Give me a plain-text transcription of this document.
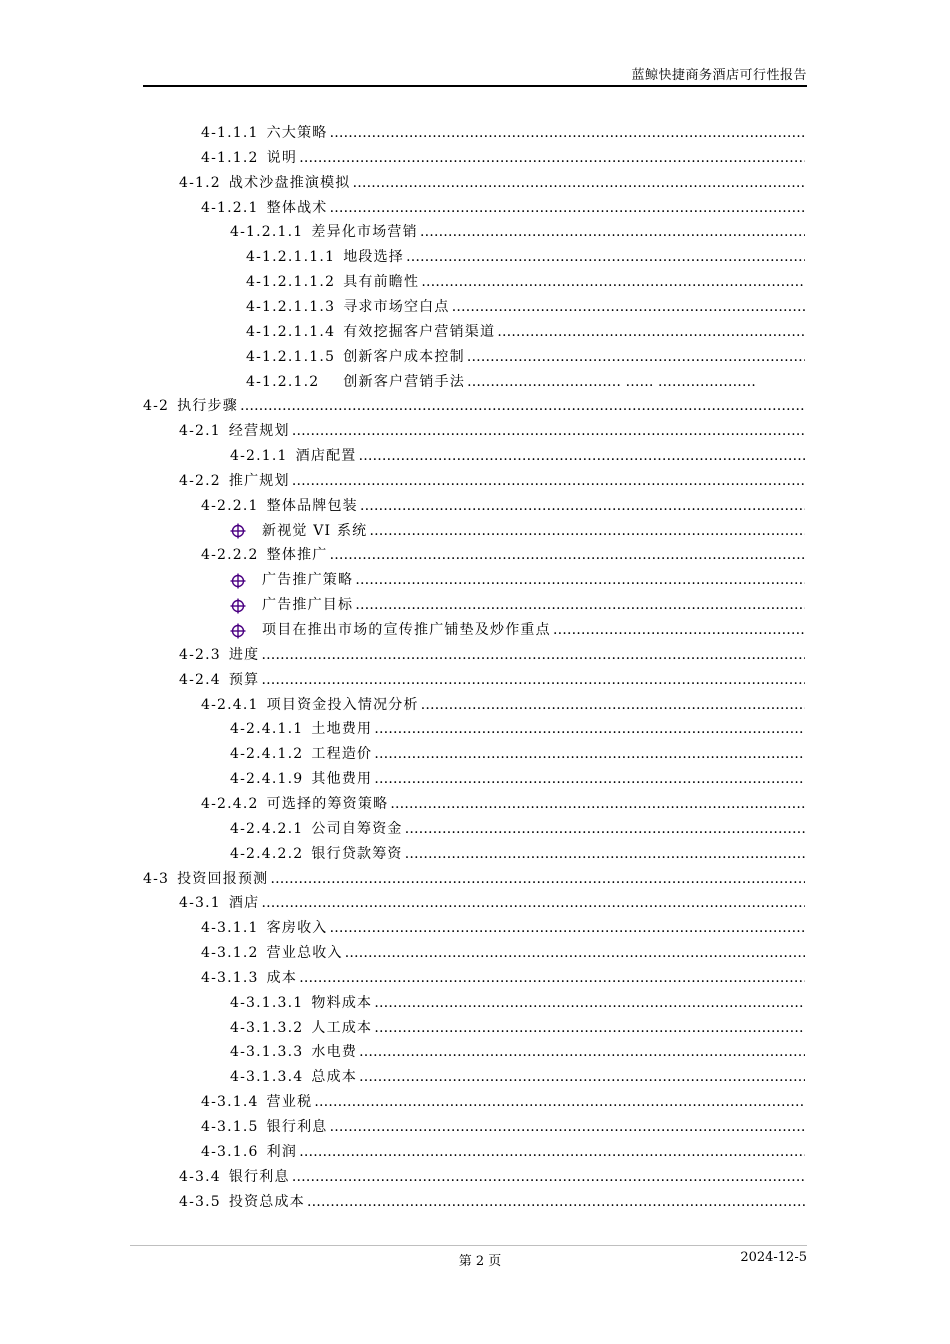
蓝鲸快捷商务酒店可行性报告
4-1.1.1 六大策略
……………………………………………………………………………………………………………………………………………………………………
4-1.1.2 说明
……………………………………………………………………………………………………………………………………………………………………
4-1.2 战术沙盘推演模拟
……………………………………………………………………………………………………………………………………………………………………
4-1.2.1 整体战术
……………………………………………………………………………………………………………………………………………………………………
4-1.2.1.1 差异化市场营销
……………………………………………………………………………………………………………………………………………………………………
4-1.2.1.1.1 地段选择
……………………………………………………………………………………………………………………………………………………………………
4-1.2.1.1.2 具有前瞻性
……………………………………………………………………………………………………………………………………………………………………
4-1.2.1.1.3 寻求市场空白点
……………………………………………………………………………………………………………………………………………………………………
4-1.2.1.1.4 有效挖掘客户营销渠道
……………………………………………………………………………………………………………………………………………………………………
4-1.2.1.1.5 创新客户成本控制
……………………………………………………………………………………………………………………………………………………………………
4-1.2.1.2 创新客户营销手法
…………………………… …… …………………
4-2 执行步骤
……………………………………………………………………………………………………………………………………………………………………
4-2.1 经营规划
……………………………………………………………………………………………………………………………………………………………………
4-2.1.1 酒店配置
……………………………………………………………………………………………………………………………………………………………………
4-2.2 推广规划
……………………………………………………………………………………………………………………………………………………………………
4-2.2.1 整体品牌包装
……………………………………………………………………………………………………………………………………………………………………
新视觉 VI 系统
……………………………………………………………………………………………………………………………………………………………………
4-2.2.2 整体推广
……………………………………………………………………………………………………………………………………………………………………
广告推广策略
……………………………………………………………………………………………………………………………………………………………………
广告推广目标
……………………………………………………………………………………………………………………………………………………………………
项目在推出市场的宣传推广铺垫及炒作重点
……………………………………………………………………………………………………………………………………………………………………
4-2.3 进度
……………………………………………………………………………………………………………………………………………………………………
4-2.4 预算
……………………………………………………………………………………………………………………………………………………………………
4-2.4.1 项目资金投入情况分析
……………………………………………………………………………………………………………………………………………………………………
4-2.4.1.1 土地费用
……………………………………………………………………………………………………………………………………………………………………
4-2.4.1.2 工程造价
……………………………………………………………………………………………………………………………………………………………………
4-2.4.1.9 其他费用
……………………………………………………………………………………………………………………………………………………………………
4-2.4.2 可选择的筹资策略
……………………………………………………………………………………………………………………………………………………………………
4-2.4.2.1 公司自筹资金
……………………………………………………………………………………………………………………………………………………………………
4-2.4.2.2 银行贷款筹资
……………………………………………………………………………………………………………………………………………………………………
4-3 投资回报预测
……………………………………………………………………………………………………………………………………………………………………
4-3.1 酒店
……………………………………………………………………………………………………………………………………………………………………
4-3.1.1 客房收入
……………………………………………………………………………………………………………………………………………………………………
4-3.1.2 营业总收入
……………………………………………………………………………………………………………………………………………………………………
4-3.1.3 成本
……………………………………………………………………………………………………………………………………………………………………
4-3.1.3.1 物料成本
……………………………………………………………………………………………………………………………………………………………………
4-3.1.3.2 人工成本
……………………………………………………………………………………………………………………………………………………………………
4-3.1.3.3 水电费
……………………………………………………………………………………………………………………………………………………………………
4-3.1.3.4 总成本
……………………………………………………………………………………………………………………………………………………………………
4-3.1.4 营业税
……………………………………………………………………………………………………………………………………………………………………
4-3.1.5 银行利息
……………………………………………………………………………………………………………………………………………………………………
4-3.1.6 利润
……………………………………………………………………………………………………………………………………………………………………
4-3.4 银行利息
……………………………………………………………………………………………………………………………………………………………………
4-3.5 投资总成本
……………………………………………………………………………………………………………………………………………………………………
第 2 页	2024-12-5
